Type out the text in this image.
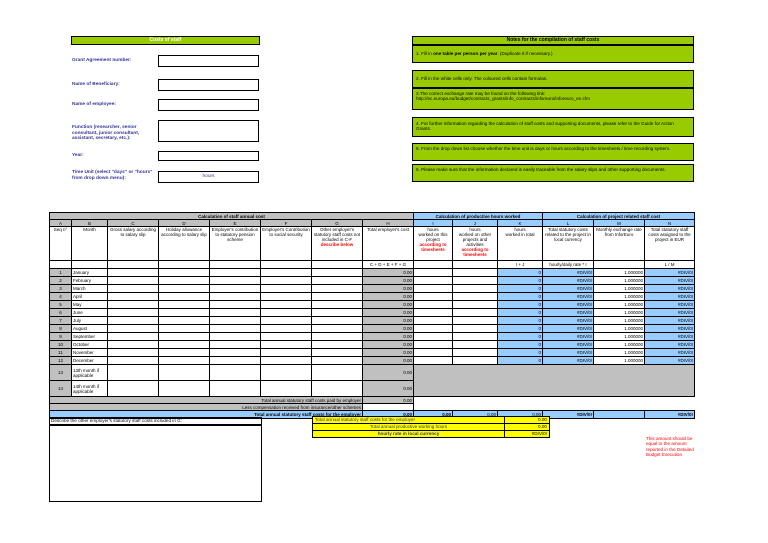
Costs of staff
Grant Agreement number:
Name of Beneficiary:
Name of employee:
Function (researcher, senior consultant, junior consultant, assistant, secretary, etc.):
Year:
Time Unit (select "days" or "hours" from drop down menu):	hours
Notes for the compilation of staff costs
1. Fill in one table per person per year. (Duplicate it if necessary.)
2. Fill in the white cells only. The coloured cells contain formulas.
3.The correct exchange rate may be found on the following link: http://ec.europa.eu/budget/contracts_grants/info_contracts/inforeuro/inforeuro_en.cfm
4. For further information regarding the calculation of staff costs and supporting documents, please refer to the Guide for Action Grants.
5. From the drop down list choose whether the time unit is days or hours according to the timesheets / time recording system.
6. Please make sure that the information declared is easily traceable from the salary slips and other supporting documents.
Calculation of staff annual cost								Calculation of productive hours worked			Calculation of project related staff cost		
A	B	C	D	E	F	G	H	I	J	K	L	M	N
Seq n°	Month	Gross salary according to salary slip	Holiday allowance according to salary slip	Employer's contribution to statutory pension scheme	Employer's Contribution to social security	Other employer's statutory staff costs not included in C-F
describe below	Total employer's cost	hours
worked on this project
according to timesheets	hours
worked on other projects and activities
according to timesheets	hours
worked in total	Total statutory costs related to the project in local currency	Monthly exchange rate from InforEuro	Total statutory staff costs assigned to the project in EUR
							C + D + E + F + G			I + J	hourly/daily rate * I		L / M
1	January						0.00			0	#DIV/0!	1.000000	#DIV/0!
2	February						0.00			0	#DIV/0!	1.000000	#DIV/0!
3	March						0.00			0	#DIV/0!	1.000000	#DIV/0!
4	April						0.00			0	#DIV/0!	1.000000	#DIV/0!
5	May						0.00			0	#DIV/0!	1.000000	#DIV/0!
6	June						0.00			0	#DIV/0!	1.000000	#DIV/0!
7	July						0.00			0	#DIV/0!	1.000000	#DIV/0!
8	August						0.00			0	#DIV/0!	1.000000	#DIV/0!
9	September						0.00			0	#DIV/0!	1.000000	#DIV/0!
10	October						0.00			0	#DIV/0!	1.000000	#DIV/0!
11	November						0.00			0	#DIV/0!	1.000000	#DIV/0!
12	December						0.00			0	#DIV/0!	1.000000	#DIV/0!
13	13th month if applicable						0.00						
14	14th month if applicable						0.00						
Total annual statutory staff costs paid by employer							0.00						
Less compensation received from insurance/other schemes													
Total annual statutory staff costs for the employer							0.00	0.00	0.00	0.00	#DIV/0!		#DIV/0!
Describe the other employer's statutory staff costs included in G:	Total annual statutory staff costs for the employer	0.00
Total annual productive working hours	0.00
hourly rate in local currency	#DIV/0!
This amount should be equal to the amount reported in the Detailed Budget Execution
